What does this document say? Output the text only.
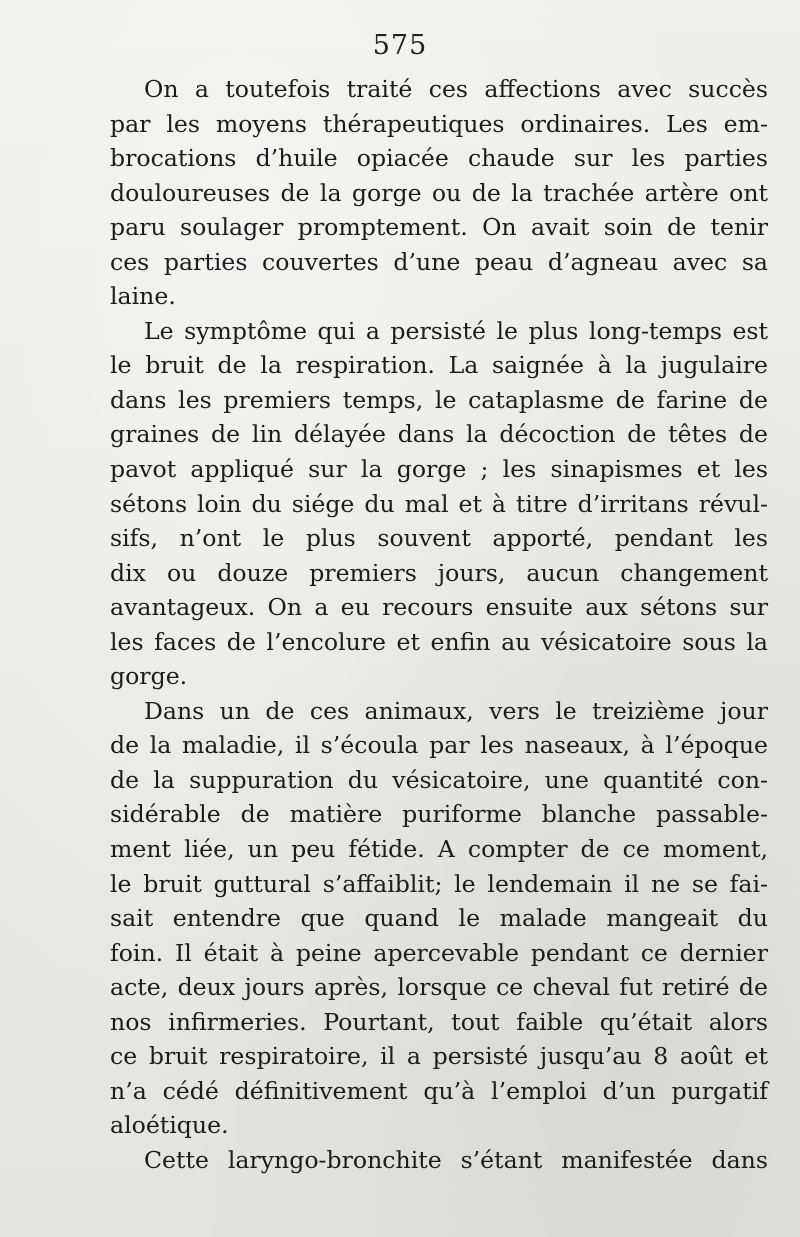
575
On a toutefois traité ces affections avec succès
par les moyens thérapeutiques ordinaires. Les em-
brocations d’huile opiacée chaude sur les parties
douloureuses de la gorge ou de la trachée artère ont
paru soulager promptement. On avait soin de tenir
ces parties couvertes d’une peau d’agneau avec sa
laine.
Le symptôme qui a persisté le plus long-temps est
le bruit de la respiration. La saignée à la jugulaire
dans les premiers temps, le cataplasme de farine de
graines de lin délayée dans la décoction de têtes de
pavot appliqué sur la gorge ; les sinapismes et les
sétons loin du siége du mal et à titre d’irritans révul-
sifs, n’ont le plus souvent apporté, pendant les
dix ou douze premiers jours, aucun changement
avantageux. On a eu recours ensuite aux sétons sur
les faces de l’encolure et enfin au vésicatoire sous la
gorge.
Dans un de ces animaux, vers le treizième jour
de la maladie, il s’écoula par les naseaux, à l’époque
de la suppuration du vésicatoire, une quantité con-
sidérable de matière puriforme blanche passable-
ment liée, un peu fétide. A compter de ce moment,
le bruit guttural s’affaiblit; le lendemain il ne se fai-
sait entendre que quand le malade mangeait du
foin. Il était à peine apercevable pendant ce dernier
acte, deux jours après, lorsque ce cheval fut retiré de
nos infirmeries. Pourtant, tout faible qu’était alors
ce bruit respiratoire, il a persisté jusqu’au 8 août et
n’a cédé définitivement qu’à l’emploi d’un purgatif
aloétique.
Cette laryngo-bronchite s’étant manifestée dans
